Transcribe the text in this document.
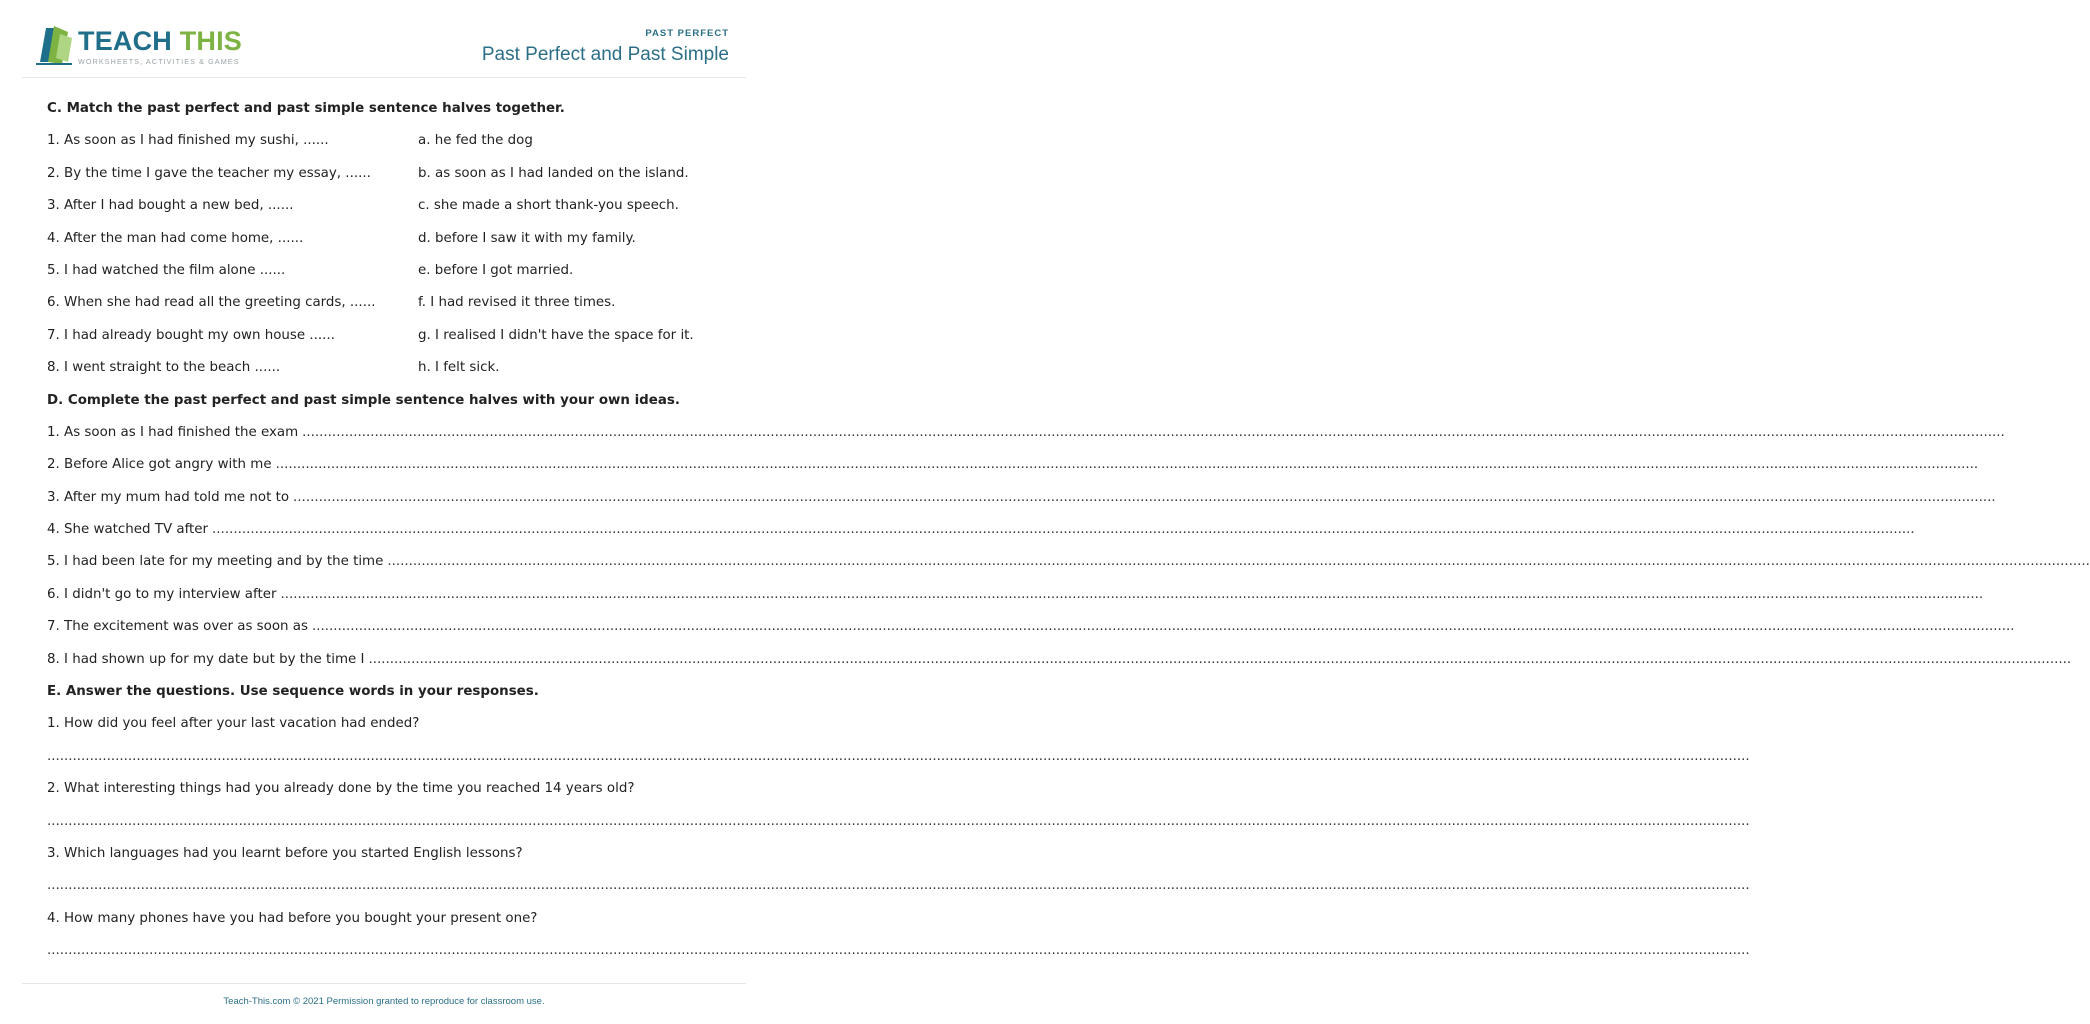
TEACH THIS
WORKSHEETS, ACTIVITIES & GAMES
PAST PERFECT
Past Perfect and Past Simple
C. Match the past perfect and past simple sentence halves together.
1. As soon as I had finished my sushi, ......	a. he fed the dog
2. By the time I gave the teacher my essay, ......	b. as soon as I had landed on the island.
3. After I had bought a new bed, ......	c. she made a short thank-you speech.
4. After the man had come home, ......	d. before I saw it with my family.
5. I had watched the film alone ......	e. before I got married.
6. When she had read all the greeting cards, ......	f. I had revised it three times.
7. I had already bought my own house ......	g. I realised I didn't have the space for it.
8. I went straight to the beach ......	h. I felt sick.
D. Complete the past perfect and past simple sentence halves with your own ideas.
1. As soon as I had finished the exam ................................................................................................................................................................................................................................................................................................................................................................................................................
2. Before Alice got angry with me ................................................................................................................................................................................................................................................................................................................................................................................................................
3. After my mum had told me not to ................................................................................................................................................................................................................................................................................................................................................................................................................
4. She watched TV after ................................................................................................................................................................................................................................................................................................................................................................................................................
5. I had been late for my meeting and by the time ................................................................................................................................................................................................................................................................................................................................................................................................................
6. I didn't go to my interview after ................................................................................................................................................................................................................................................................................................................................................................................................................
7. The excitement was over as soon as ................................................................................................................................................................................................................................................................................................................................................................................................................
8. I had shown up for my date but by the time I ................................................................................................................................................................................................................................................................................................................................................................................................................
E. Answer the questions. Use sequence words in your responses.
1. How did you feel after your last vacation had ended?
................................................................................................................................................................................................................................................................................................................................................................................................................
2. What interesting things had you already done by the time you reached 14 years old?
................................................................................................................................................................................................................................................................................................................................................................................................................
3. Which languages had you learnt before you started English lessons?
................................................................................................................................................................................................................................................................................................................................................................................................................
4. How many phones have you had before you bought your present one?
................................................................................................................................................................................................................................................................................................................................................................................................................
Teach-This.com © 2021 Permission granted to reproduce for classroom use.
